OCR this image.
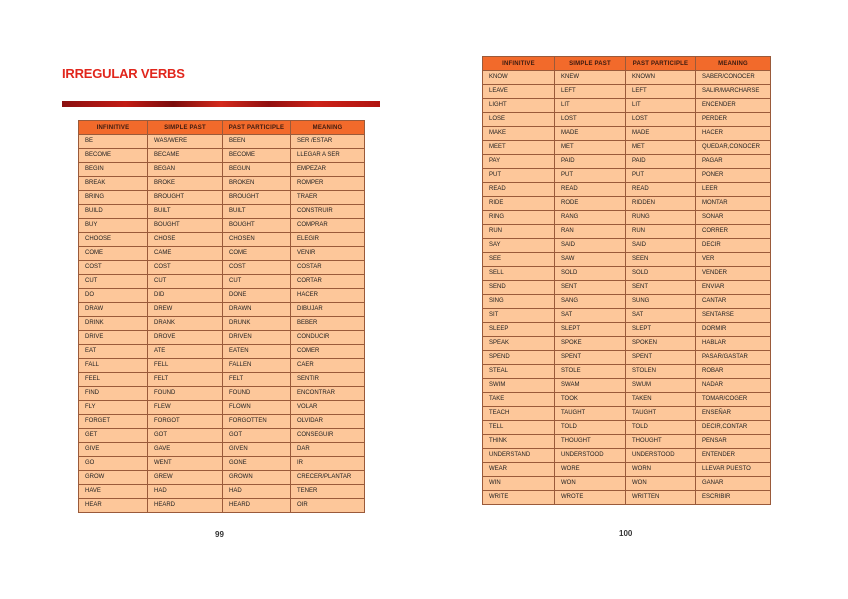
IRREGULAR VERBS
INFINITIVE	SIMPLE PAST	PAST PARTICIPLE	MEANING
BE	WAS/WERE	BEEN	SER /ESTAR
BECOME	BECAME	BECOME	LLEGAR A SER
BEGIN	BEGAN	BEGUN	EMPEZAR
BREAK	BROKE	BROKEN	ROMPER
BRING	BROUGHT	BROUGHT	TRAER
BUILD	BUILT	BUILT	CONSTRUIR
BUY	BOUGHT	BOUGHT	COMPRAR
CHOOSE	CHOSE	CHOSEN	ELEGIR
COME	CAME	COME	VENIR
COST	COST	COST	COSTAR
CUT	CUT	CUT	CORTAR
DO	DID	DONE	HACER
DRAW	DREW	DRAWN	DIBUJAR
DRINK	DRANK	DRUNK	BEBER
DRIVE	DROVE	DRIVEN	CONDUCIR
EAT	ATE	EATEN	COMER
FALL	FELL	FALLEN	CAER
FEEL	FELT	FELT	SENTIR
FIND	FOUND	FOUND	ENCONTRAR
FLY	FLEW	FLOWN	VOLAR
FORGET	FORGOT	FORGOTTEN	OLVIDAR
GET	GOT	GOT	CONSEGUIR
GIVE	GAVE	GIVEN	DAR
GO	WENT	GONE	IR
GROW	GREW	GROWN	CRECER/PLANTAR
HAVE	HAD	HAD	TENER
HEAR	HEARD	HEARD	OIR
INFINITIVE	SIMPLE PAST	PAST PARTICIPLE	MEANING
KNOW	KNEW	KNOWN	SABER/CONOCER
LEAVE	LEFT	LEFT	SALIR/MARCHARSE
LIGHT	LIT	LIT	ENCENDER
LOSE	LOST	LOST	PERDER
MAKE	MADE	MADE	HACER
MEET	MET	MET	QUEDAR,CONOCER
PAY	PAID	PAID	PAGAR
PUT	PUT	PUT	PONER
READ	READ	READ	LEER
RIDE	RODE	RIDDEN	MONTAR
RING	RANG	RUNG	SONAR
RUN	RAN	RUN	CORRER
SAY	SAID	SAID	DECIR
SEE	SAW	SEEN	VER
SELL	SOLD	SOLD	VENDER
SEND	SENT	SENT	ENVIAR
SING	SANG	SUNG	CANTAR
SIT	SAT	SAT	SENTARSE
SLEEP	SLEPT	SLEPT	DORMIR
SPEAK	SPOKE	SPOKEN	HABLAR
SPEND	SPENT	SPENT	PASAR/GASTAR
STEAL	STOLE	STOLEN	ROBAR
SWIM	SWAM	SWUM	NADAR
TAKE	TOOK	TAKEN	TOMAR/COGER
TEACH	TAUGHT	TAUGHT	ENSEÑAR
TELL	TOLD	TOLD	DECIR,CONTAR
THINK	THOUGHT	THOUGHT	PENSAR
UNDERSTAND	UNDERSTOOD	UNDERSTOOD	ENTENDER
WEAR	WORE	WORN	LLEVAR PUESTO
WIN	WON	WON	GANAR
WRITE	WROTE	WRITTEN	ESCRIBIR

99	100
